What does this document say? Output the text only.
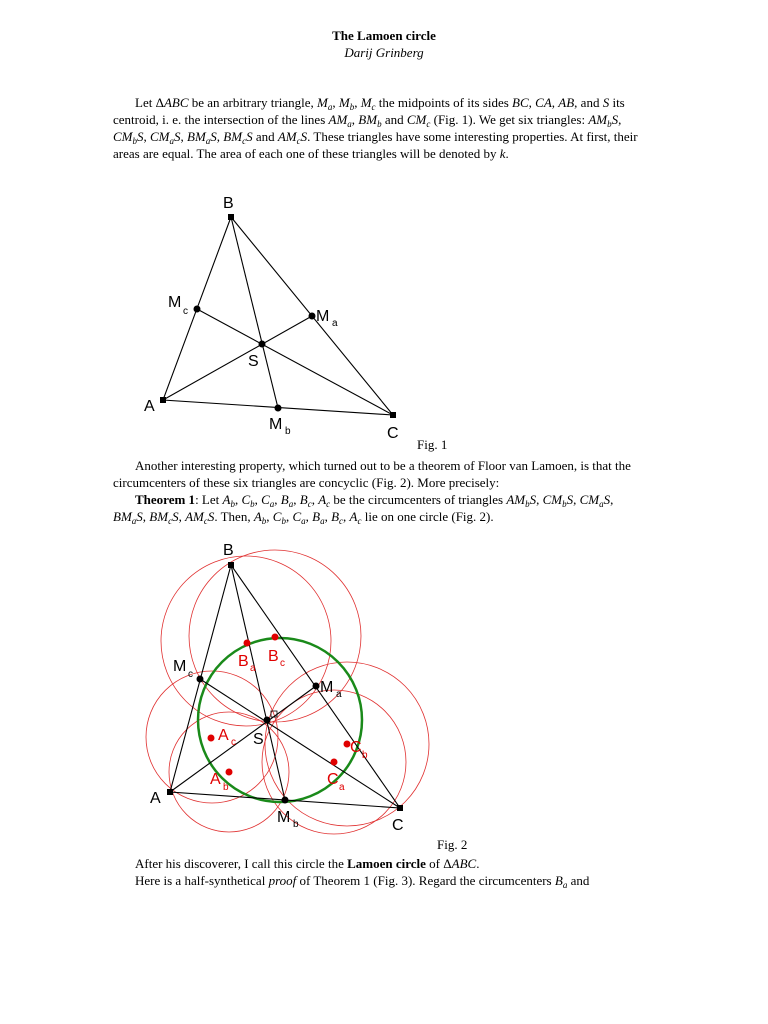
The Lamoen circle
Darij Grinberg

Let ΔABC be an arbitrary triangle, $M_a$, $M_b$, $M_c$ the midpoints of its sides BC, CA, AB, and S its centroid, i. e. the intersection of the lines $AM_a$, $BM_b$ and $CM_c$ (Fig. 1). We get six triangles: $AM_bS$, $CM_bS$, $CM_aS$, $BM_aS$, $BM_cS$ and $AM_cS$. These triangles have some interesting properties. At first, their areas are equal. The area of each one of these triangles will be denoted by k.

B
A
C
M
c	M a
M b
S
Fig. 1

Another interesting property, which turned out to be a theorem of Floor van Lamoen, is that the circumcenters of these six triangles are concyclic (Fig. 2). More precisely:
Theorem 1: Let $A_b$, $C_b$, $C_a$, $B_a$, $B_c$, $A_c$ be the circumcenters of triangles $AM_bS$, $CM_bS$, $CM_aS$, $BM_aS$, $BM_cS$, $AM_cS$. Then, $A_b$, $C_b$, $C_a$, $B_a$, $B_c$, $A_c$ lie on one circle (Fig. 2).

B
A
C
S
M c
M a
M b
B a
B c
A c
A b
C b
C a
Fig. 2

After his discoverer, I call this circle the Lamoen circle of ΔABC.
Here is a half-synthetical proof of Theorem 1 (Fig. 3). Regard the circumcenters $B_a$ and
